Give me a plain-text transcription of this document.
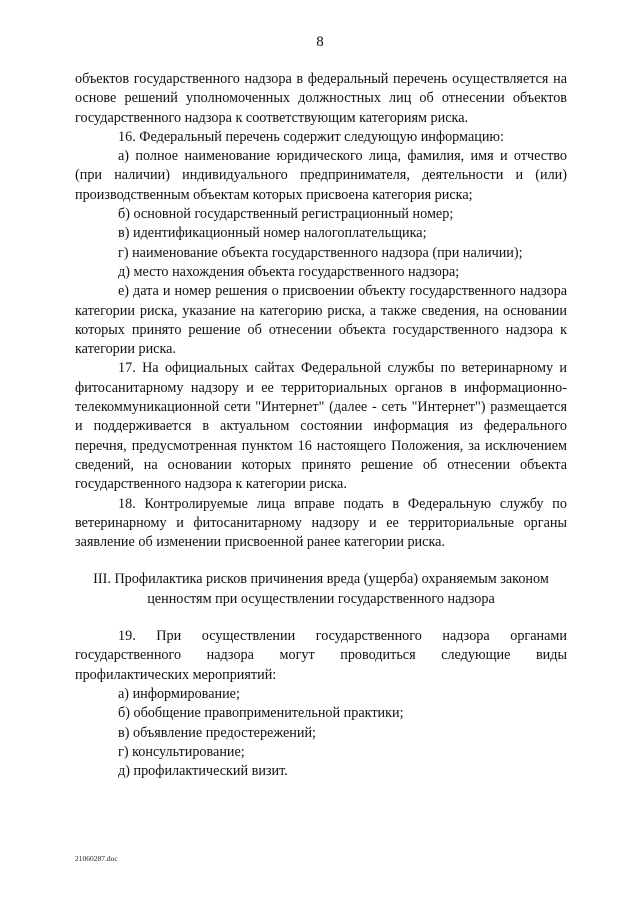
8

объектов государственного надзора в федеральный перечень осуществляется на основе решений уполномоченных должностных лиц об отнесении объектов государственного надзора к соответствующим категориям риска.

16. Федеральный перечень содержит следующую информацию:

а) полное наименование юридического лица, фамилия, имя и отчество (при наличии) индивидуального предпринимателя, деятельности и (или) производственным объектам которых присвоена категория риска;

б) основной государственный регистрационный номер;

в) идентификационный номер налогоплательщика;

г) наименование объекта государственного надзора (при наличии);

д) место нахождения объекта государственного надзора;

е) дата и номер решения о присвоении объекту государственного надзора категории риска, указание на категорию риска, а также сведения, на основании которых принято решение об отнесении объекта государственного надзора к категории риска.

17. На официальных сайтах Федеральной службы по ветеринарному и фитосанитарному надзору и ее территориальных органов в информационно-телекоммуникационной сети "Интернет" (далее - сеть "Интернет") размещается и поддерживается в актуальном состоянии информация из федерального перечня, предусмотренная пунктом 16 настоящего Положения, за исключением сведений, на основании которых принято решение об отнесении объекта государственного надзора к категории риска.

18. Контролируемые лица вправе подать в Федеральную службу по ветеринарному и фитосанитарному надзору и ее территориальные органы заявление об изменении присвоенной ранее категории риска.

III. Профилактика рисков причинения вреда (ущерба) охраняемым законом
ценностям при осуществлении государственного надзора

19. При осуществлении государственного надзора органами государственного надзора могут проводиться следующие виды профилактических мероприятий:

а) информирование;

б) обобщение правоприменительной практики;

в) объявление предостережений;

г) консультирование;

д) профилактический визит.

21060287.doc
